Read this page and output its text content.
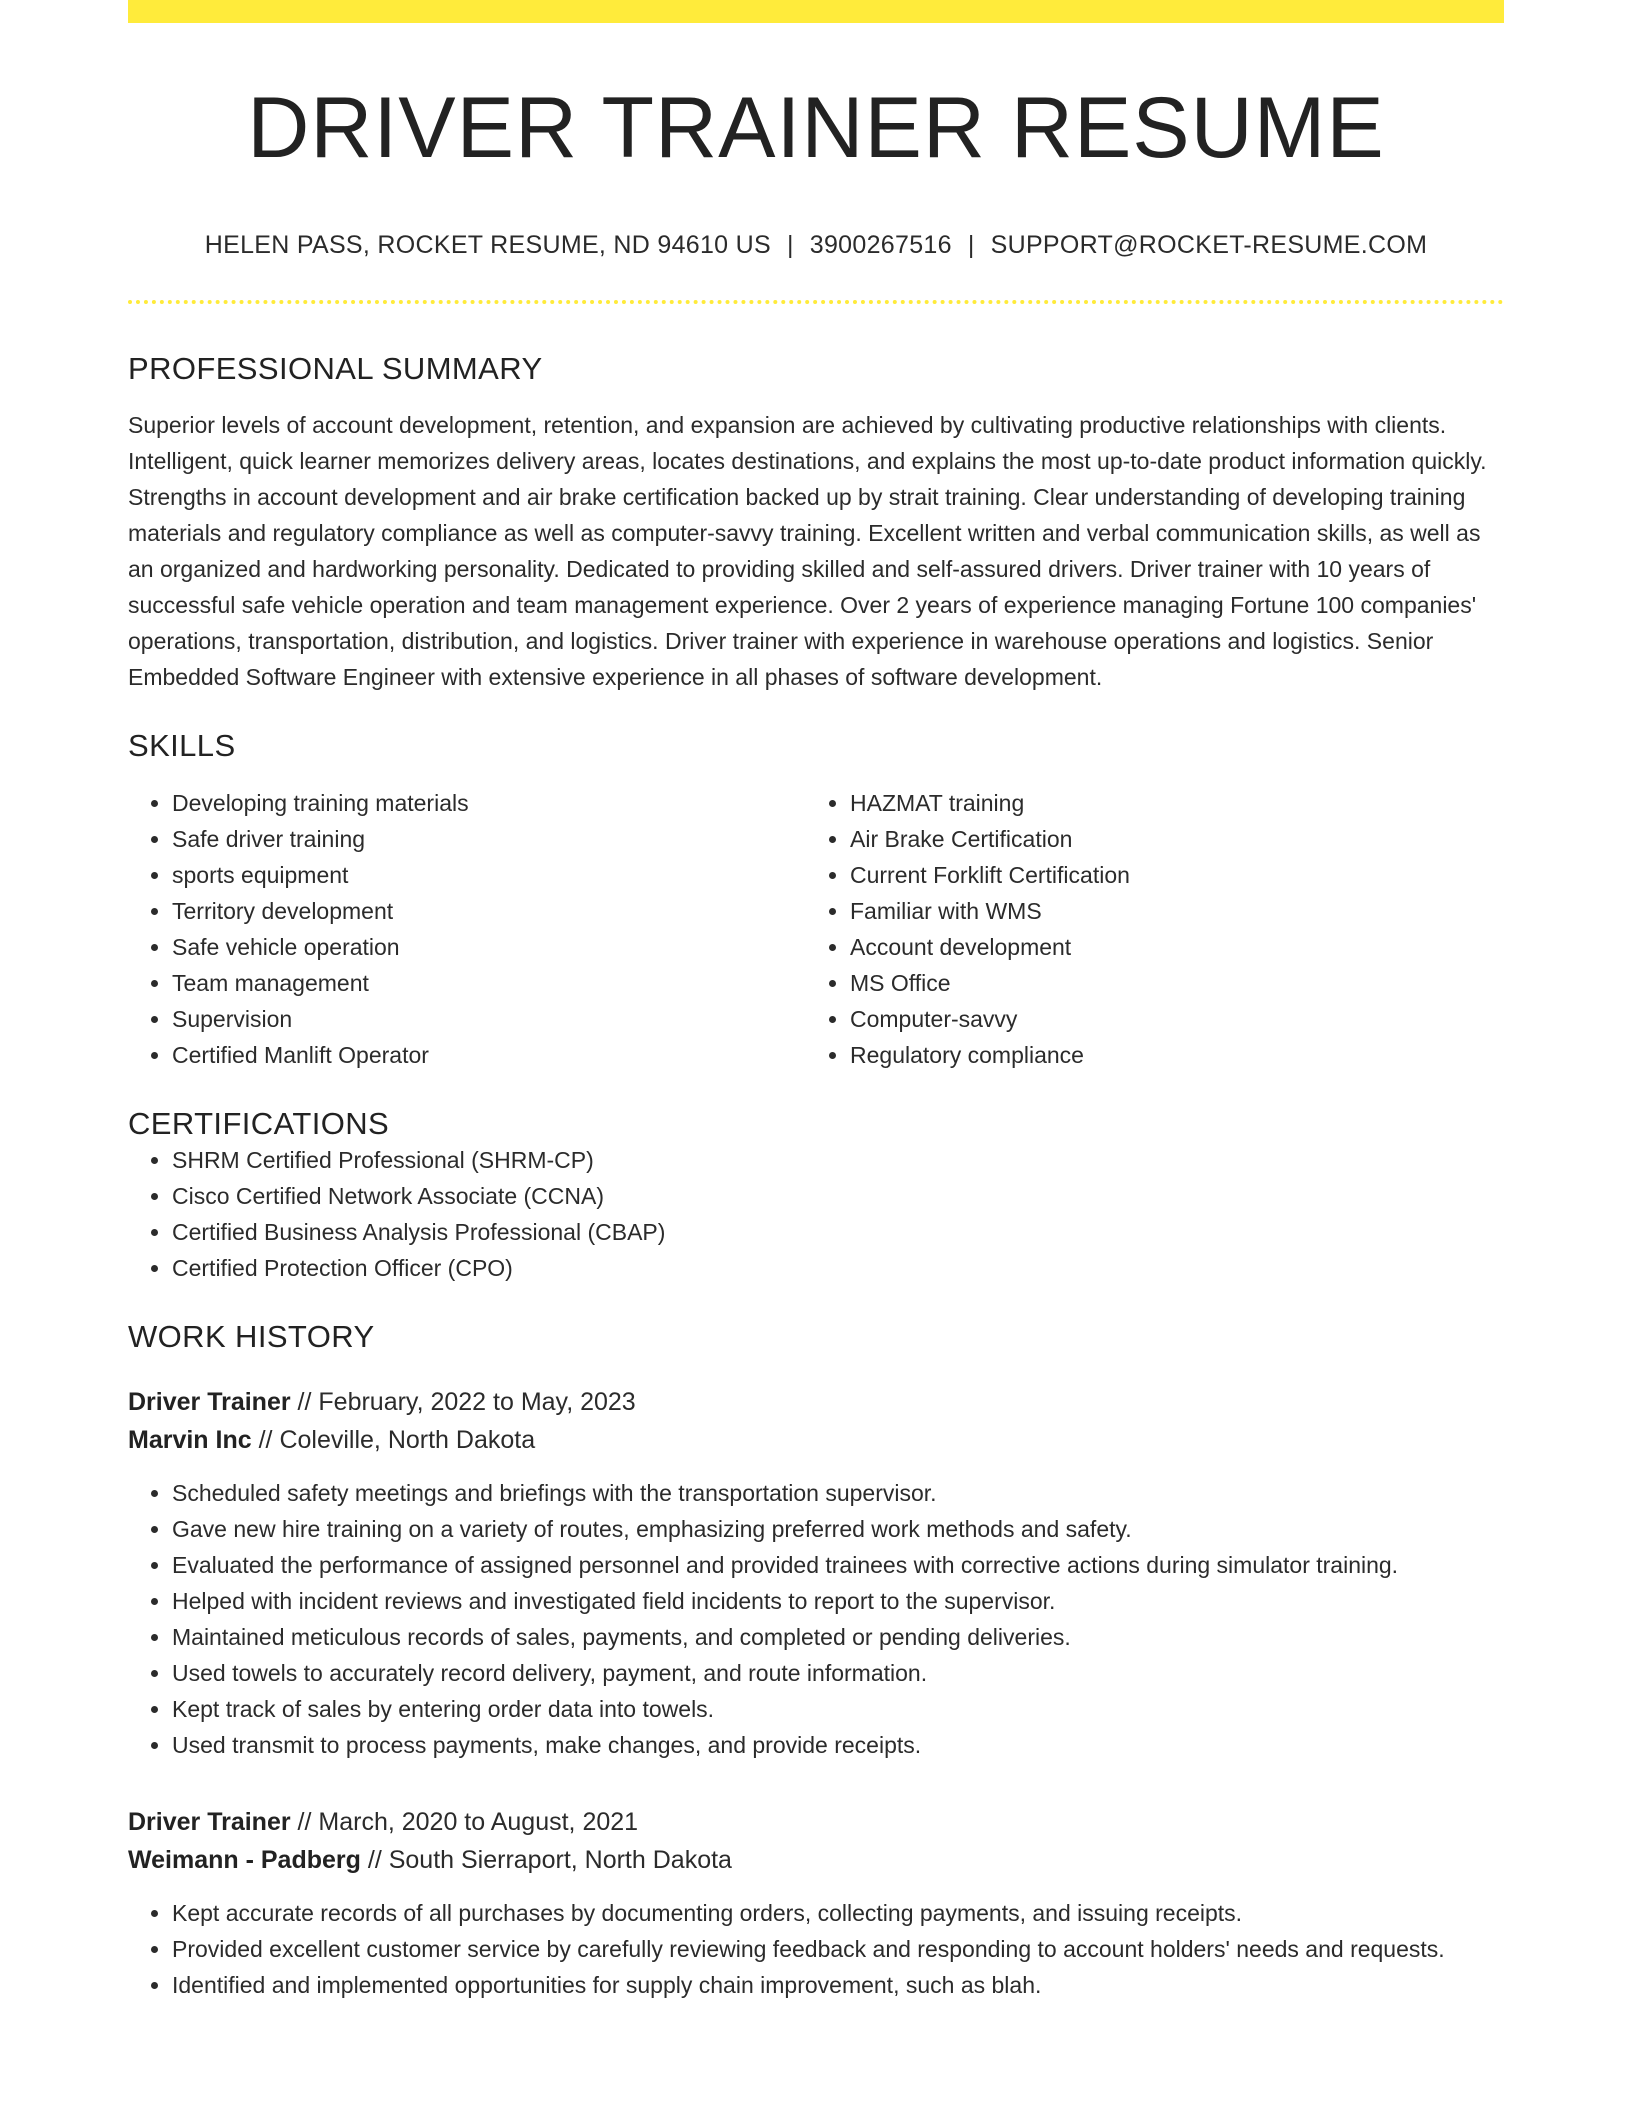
DRIVER TRAINER RESUME
HELEN PASS, ROCKET RESUME, ND 94610 US | 3900267516 | SUPPORT@ROCKET-RESUME.COM
PROFESSIONAL SUMMARY
Superior levels of account development, retention, and expansion are achieved by cultivating productive relationships with clients. Intelligent, quick learner memorizes delivery areas, locates destinations, and explains the most up-to-date product information quickly. Strengths in account development and air brake certification backed up by strait training. Clear understanding of developing training materials and regulatory compliance as well as computer-savvy training. Excellent written and verbal communication skills, as well as an organized and hardworking personality. Dedicated to providing skilled and self-assured drivers. Driver trainer with 10 years of successful safe vehicle operation and team management experience. Over 2 years of experience managing Fortune 100 companies' operations, transportation, distribution, and logistics. Driver trainer with experience in warehouse operations and logistics. Senior Embedded Software Engineer with extensive experience in all phases of software development.
SKILLS
• Developing training materials
• Safe driver training
• sports equipment
• Territory development
• Safe vehicle operation
• Team management
• Supervision
• Certified Manlift Operator
• HAZMAT training
• Air Brake Certification
• Current Forklift Certification
• Familiar with WMS
• Account development
• MS Office
• Computer-savvy
• Regulatory compliance
CERTIFICATIONS
• SHRM Certified Professional (SHRM-CP)
• Cisco Certified Network Associate (CCNA)
• Certified Business Analysis Professional (CBAP)
• Certified Protection Officer (CPO)
WORK HISTORY
Driver Trainer // February, 2022 to May, 2023
Marvin Inc // Coleville, North Dakota
• Scheduled safety meetings and briefings with the transportation supervisor.
• Gave new hire training on a variety of routes, emphasizing preferred work methods and safety.
• Evaluated the performance of assigned personnel and provided trainees with corrective actions during simulator training.
• Helped with incident reviews and investigated field incidents to report to the supervisor.
• Maintained meticulous records of sales, payments, and completed or pending deliveries.
• Used towels to accurately record delivery, payment, and route information.
• Kept track of sales by entering order data into towels.
• Used transmit to process payments, make changes, and provide receipts.
Driver Trainer // March, 2020 to August, 2021
Weimann - Padberg // South Sierraport, North Dakota
• Kept accurate records of all purchases by documenting orders, collecting payments, and issuing receipts.
• Provided excellent customer service by carefully reviewing feedback and responding to account holders' needs and requests.
• Identified and implemented opportunities for supply chain improvement, such as blah.
